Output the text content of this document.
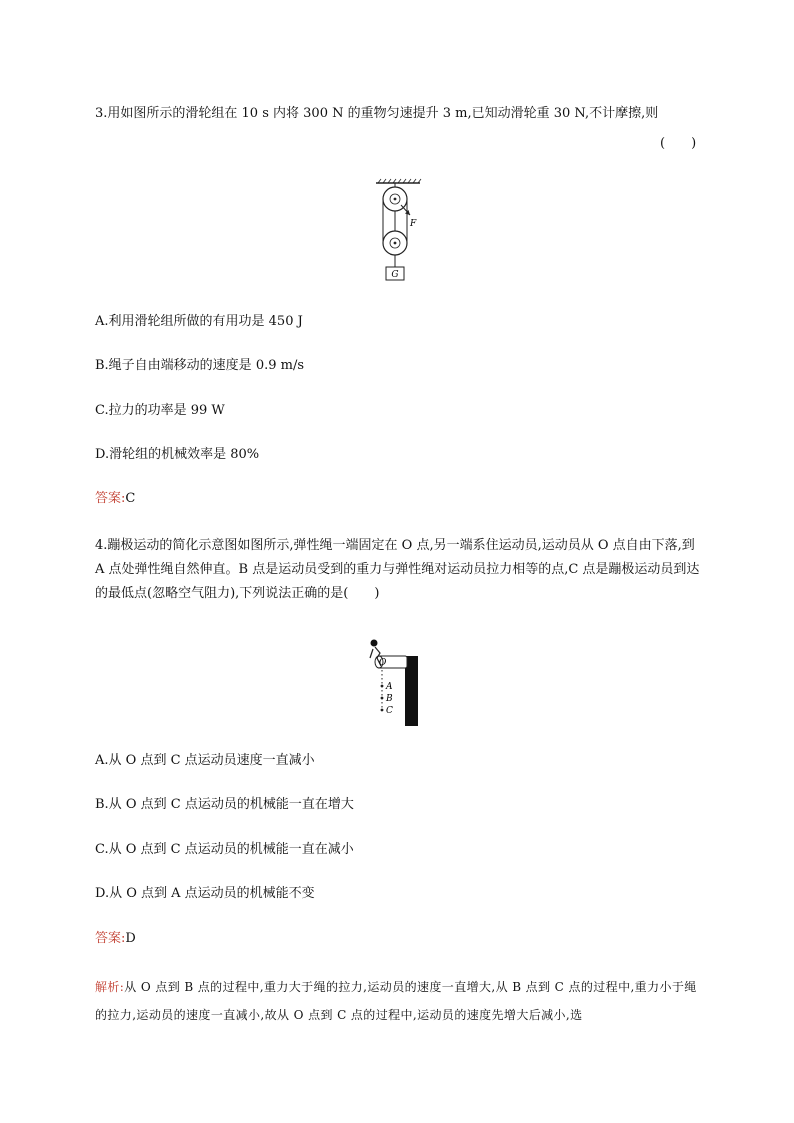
3.用如图所示的滑轮组在 10 s 内将 300 N 的重物匀速提升 3 m,已知动滑轮重 30 N,不计摩擦,则
(　　)
F
G
A.利用滑轮组所做的有用功是 450 J
B.绳子自由端移动的速度是 0.9 m/s
C.拉力的功率是 99 W
D.滑轮组的机械效率是 80%
答案:C
4.蹦极运动的简化示意图如图所示,弹性绳一端固定在 O 点,另一端系住运动员,运动员从 O 点自由下落,到 A 点处弹性绳自然伸直。B 点是运动员受到的重力与弹性绳对运动员拉力相等的点,C 点是蹦极运动员到达的最低点(忽略空气阻力),下列说法正确的是(　　)
O
A
B
C
A.从 O 点到 C 点运动员速度一直减小
B.从 O 点到 C 点运动员的机械能一直在增大
C.从 O 点到 C 点运动员的机械能一直在减小
D.从 O 点到 A 点运动员的机械能不变
答案:D
解析:从 O 点到 B 点的过程中,重力大于绳的拉力,运动员的速度一直增大,从 B 点到 C 点的过程中,重力小于绳的拉力,运动员的速度一直减小,故从 O 点到 C 点的过程中,运动员的速度先增大后减小,选
